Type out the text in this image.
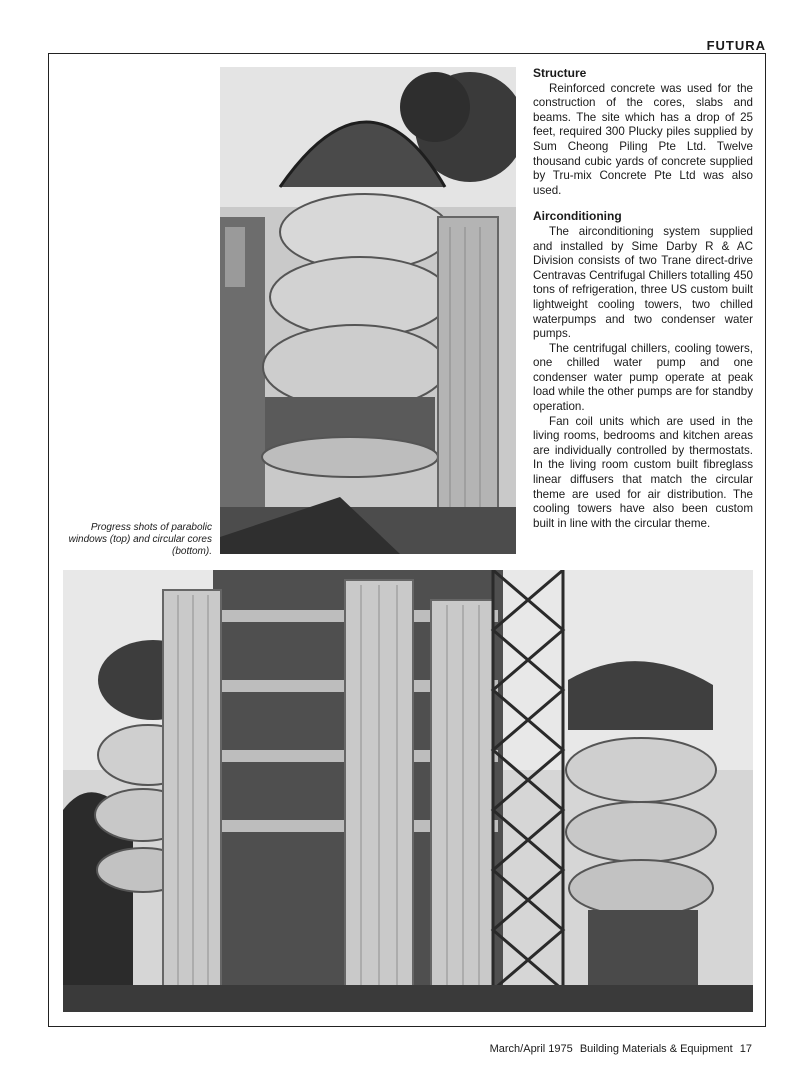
FUTURA
Progress shots of parabolic windows (top) and circular cores (bottom).
Structure

Reinforced concrete was used for the construction of the cores, slabs and beams. The site which has a drop of 25 feet, required 300 Plucky piles supplied by Sum Cheong Piling Pte Ltd. Twelve thousand cubic yards of concrete supplied by Tru-mix Concrete Pte Ltd was also used.

Airconditioning

The airconditioning system supplied and installed by Sime Darby R & AC Division consists of two Trane direct-drive Centravas Centrifugal Chillers totalling 450 tons of refrigeration, three US custom built lightweight cooling towers, two chilled waterpumps and two condenser water pumps.

The centrifugal chillers, cooling towers, one chilled water pump and one condenser water pump operate at peak load while the other pumps are for standby operation.

Fan coil units which are used in the living rooms, bedrooms and kitchen areas are individually controlled by thermostats. In the living room custom built fibreglass linear diffusers that match the circular theme are used for air distribution. The cooling towers have also been custom built in line with the circular theme.

March/April 1975 Building Materials & Equipment 17
